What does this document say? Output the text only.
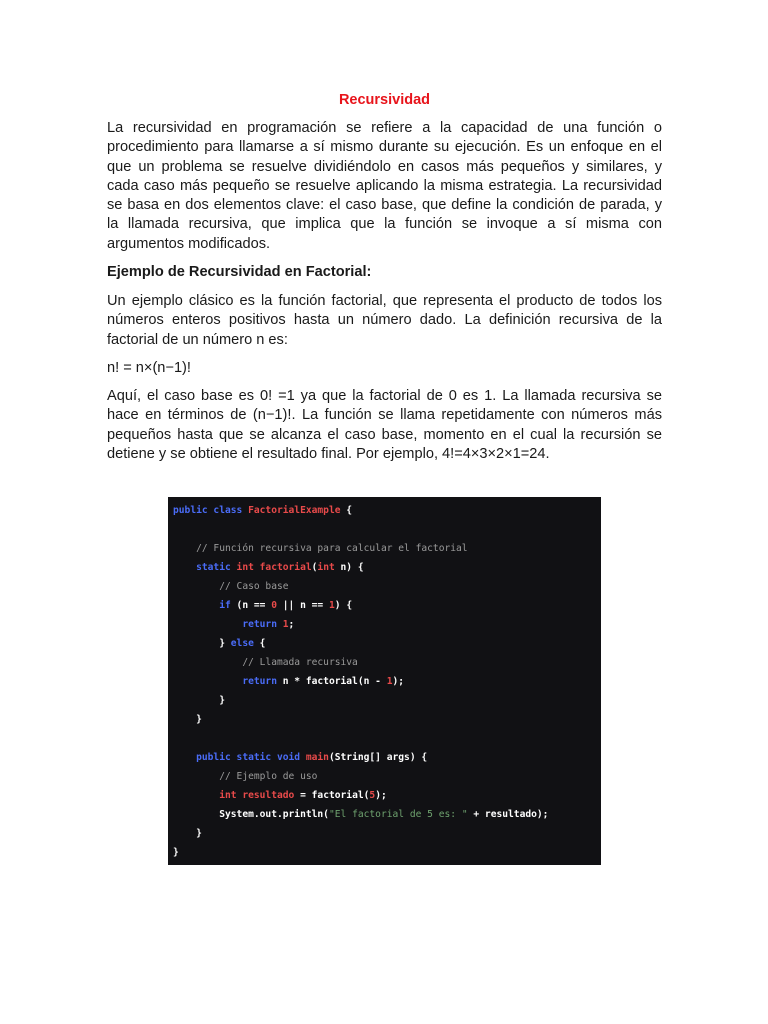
Recursividad

La recursividad en programación se refiere a la capacidad de una función o procedimiento para llamarse a sí mismo durante su ejecución. Es un enfoque en el que un problema se resuelve dividiéndolo en casos más pequeños y similares, y cada caso más pequeño se resuelve aplicando la misma estrategia. La recursividad se basa en dos elementos clave: el caso base, que define la condición de parada, y la llamada recursiva, que implica que la función se invoque a sí misma con argumentos modificados.

Ejemplo de Recursividad en Factorial:

Un ejemplo clásico es la función factorial, que representa el producto de todos los números enteros positivos hasta un número dado. La definición recursiva de la factorial de un número n es:

n! = n×(n−1)!

Aquí, el caso base es 0! =1 ya que la factorial de 0 es 1. La llamada recursiva se hace en términos de (n−1)!. La función se llama repetidamente con números más pequeños hasta que se alcanza el caso base, momento en el cual la recursión se detiene y se obtiene el resultado final. Por ejemplo, 4!=4×3×2×1=24.

public class FactorialExample {

// Función recursiva para calcular el factorial
static int factorial(int n) {
// Caso base
if (n == 0 || n == 1) {
return 1;
} else {
// Llamada recursiva
return n * factorial(n - 1);
}
}

public static void main(String[] args) {
// Ejemplo de uso
int resultado = factorial(5);
System.out.println("El factorial de 5 es: " + resultado);
}
}
